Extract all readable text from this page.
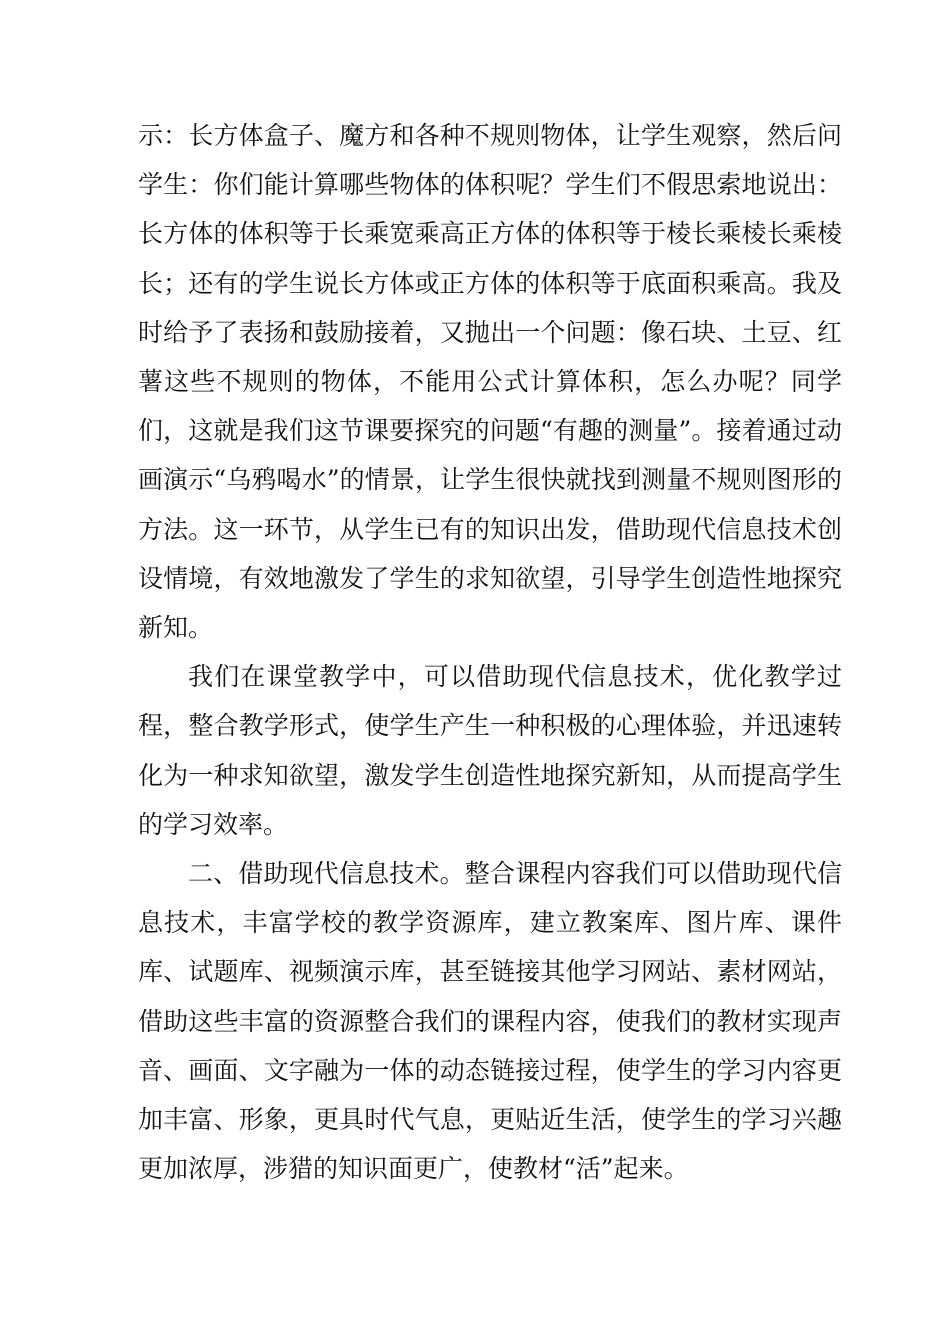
示：长方体盒子、魔方和各种不规则物体，让学生观察，然后问学生：你们能计算哪些物体的体积呢？学生们不假思索地说出：长方体的体积等于长乘宽乘高正方体的体积等于棱长乘棱长乘棱长；还有的学生说长方体或正方体的体积等于底面积乘高。我及时给予了表扬和鼓励接着，又抛出一个问题：像石块、土豆、红薯这些不规则的物体，不能用公式计算体积，怎么办呢？同学们，这就是我们这节课要探究的问题“有趣的测量”。接着通过动画演示“乌鸦喝水”的情景，让学生很快就找到测量不规则图形的方法。这一环节，从学生已有的知识出发，借助现代信息技术创设情境，有效地激发了学生的求知欲望，引导学生创造性地探究新知。

我们在课堂教学中，可以借助现代信息技术，优化教学过程，整合教学形式，使学生产生一种积极的心理体验，并迅速转化为一种求知欲望，激发学生创造性地探究新知，从而提高学生的学习效率。

二、借助现代信息技术。整合课程内容我们可以借助现代信息技术，丰富学校的教学资源库，建立教案库、图片库、课件库、试题库、视频演示库，甚至链接其他学习网站、素材网站，借助这些丰富的资源整合我们的课程内容，使我们的教材实现声音、画面、文字融为一体的动态链接过程，使学生的学习内容更加丰富、形象，更具时代气息，更贴近生活，使学生的学习兴趣更加浓厚，涉猎的知识面更广，使教材“活”起来。
